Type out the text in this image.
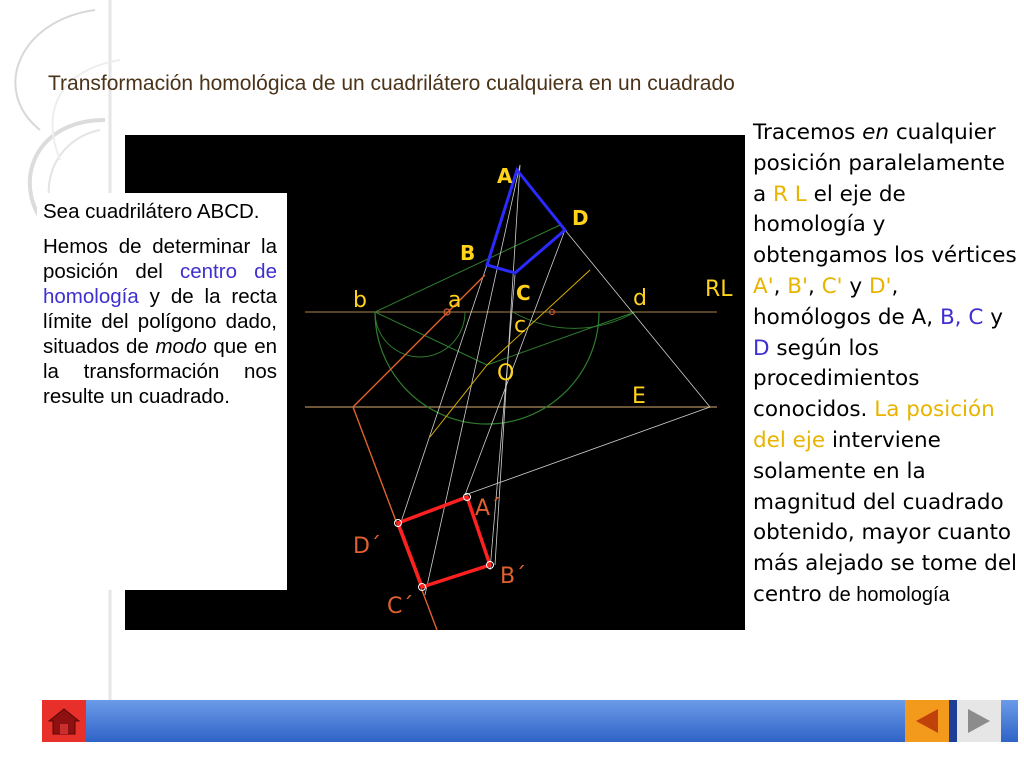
Transformación homológica de un cuadrilátero cualquiera en un cuadrado
A
D
B
C
b	a
c
d	RL
O
E
A´
D´
B´
C´

Sea cuadrilátero ABCD.

Hemos de determinar la posición del centro de homología y de la recta límite del polígono dado, situados de modo que en la transformación nos resulte un cuadrado.

Tracemos en cualquier posición paralelamente a R L el eje de homología y obtengamos los vértices A', B', C' y D', homólogos de A, B, C y D según los procedimientos conocidos. La posición del eje interviene solamente en la magnitud del cuadrado obtenido, mayor cuanto más alejado se tome del centro de homología
